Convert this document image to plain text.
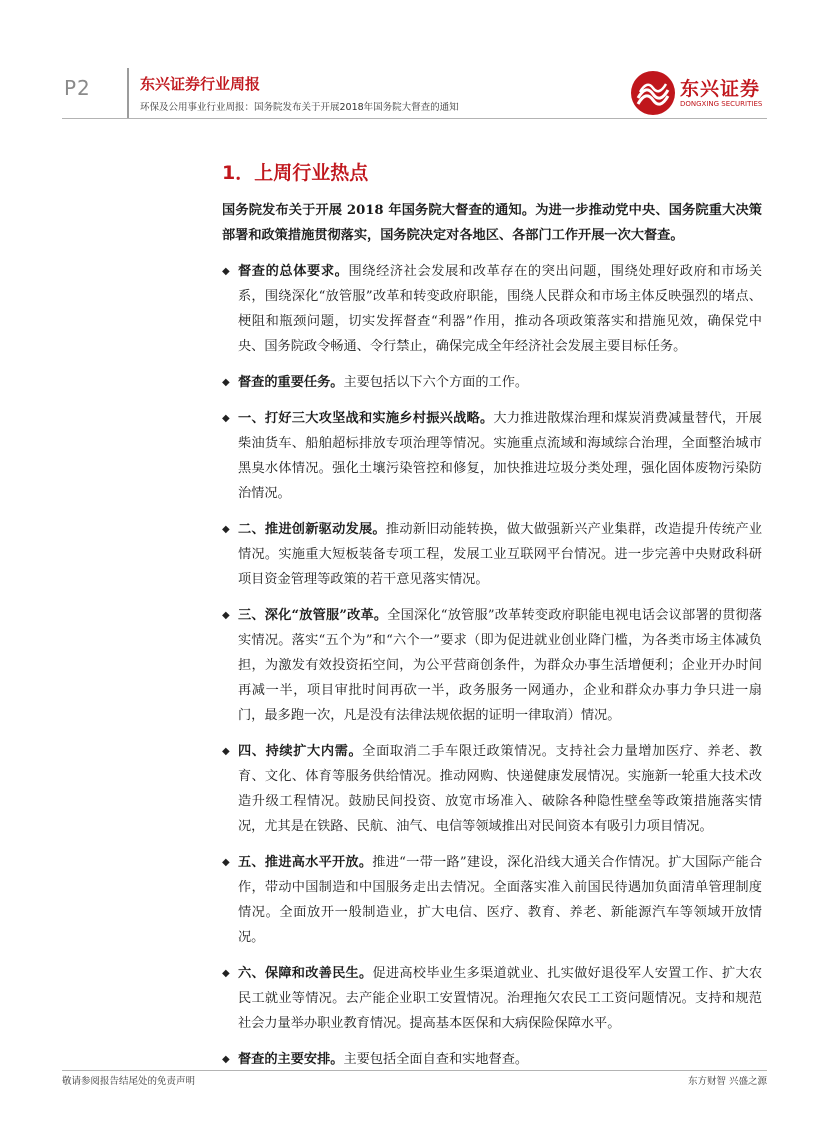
P2	东兴证券行业周报
环保及公用事业行业周报：国务院发布关于开展2018年国务院大督查的通知
东兴证券
DONGXING SECURITIES
1．上周行业热点

国务院发布关于开展 2018 年国务院大督查的通知。为进一步推动党中央、国务院重大决策部署和政策措施贯彻落实，国务院决定对各地区、各部门工作开展一次大督查。

◆ 督查的总体要求。围绕经济社会发展和改革存在的突出问题，围绕处理好政府和市场关系，围绕深化“放管服”改革和转变政府职能，围绕人民群众和市场主体反映强烈的堵点、梗阻和瓶颈问题，切实发挥督查“利器”作用，推动各项政策落实和措施见效，确保党中央、国务院政令畅通、令行禁止，确保完成全年经济社会发展主要目标任务。
◆ 督查的重要任务。主要包括以下六个方面的工作。
◆ 一、打好三大攻坚战和实施乡村振兴战略。大力推进散煤治理和煤炭消费减量替代，开展柴油货车、船舶超标排放专项治理等情况。实施重点流域和海域综合治理，全面整治城市黑臭水体情况。强化土壤污染管控和修复，加快推进垃圾分类处理，强化固体废物污染防治情况。
◆ 二、推进创新驱动发展。推动新旧动能转换，做大做强新兴产业集群，改造提升传统产业情况。实施重大短板装备专项工程，发展工业互联网平台情况。进一步完善中央财政科研项目资金管理等政策的若干意见落实情况。
◆ 三、深化“放管服”改革。全国深化“放管服”改革转变政府职能电视电话会议部署的贯彻落实情况。落实“五个为”和“六个一”要求（即为促进就业创业降门槛，为各类市场主体减负担，为激发有效投资拓空间，为公平营商创条件，为群众办事生活增便利；企业开办时间再减一半，项目审批时间再砍一半，政务服务一网通办，企业和群众办事力争只进一扇门，最多跑一次，凡是没有法律法规依据的证明一律取消）情况。
◆ 四、持续扩大内需。全面取消二手车限迁政策情况。支持社会力量增加医疗、养老、教育、文化、体育等服务供给情况。推动网购、快递健康发展情况。实施新一轮重大技术改造升级工程情况。鼓励民间投资、放宽市场准入、破除各种隐性壁垒等政策措施落实情况，尤其是在铁路、民航、油气、电信等领域推出对民间资本有吸引力项目情况。
◆ 五、推进高水平开放。推进“一带一路”建设，深化沿线大通关合作情况。扩大国际产能合作，带动中国制造和中国服务走出去情况。全面落实准入前国民待遇加负面清单管理制度情况。全面放开一般制造业，扩大电信、医疗、教育、养老、新能源汽车等领域开放情况。
◆ 六、保障和改善民生。促进高校毕业生多渠道就业、扎实做好退役军人安置工作、扩大农民工就业等情况。去产能企业职工安置情况。治理拖欠农民工工资问题情况。支持和规范社会力量举办职业教育情况。提高基本医保和大病保险保障水平。
◆ 督查的主要安排。主要包括全面自查和实地督查。
敬请参阅报告结尾处的免责声明	东方财智 兴盛之源
